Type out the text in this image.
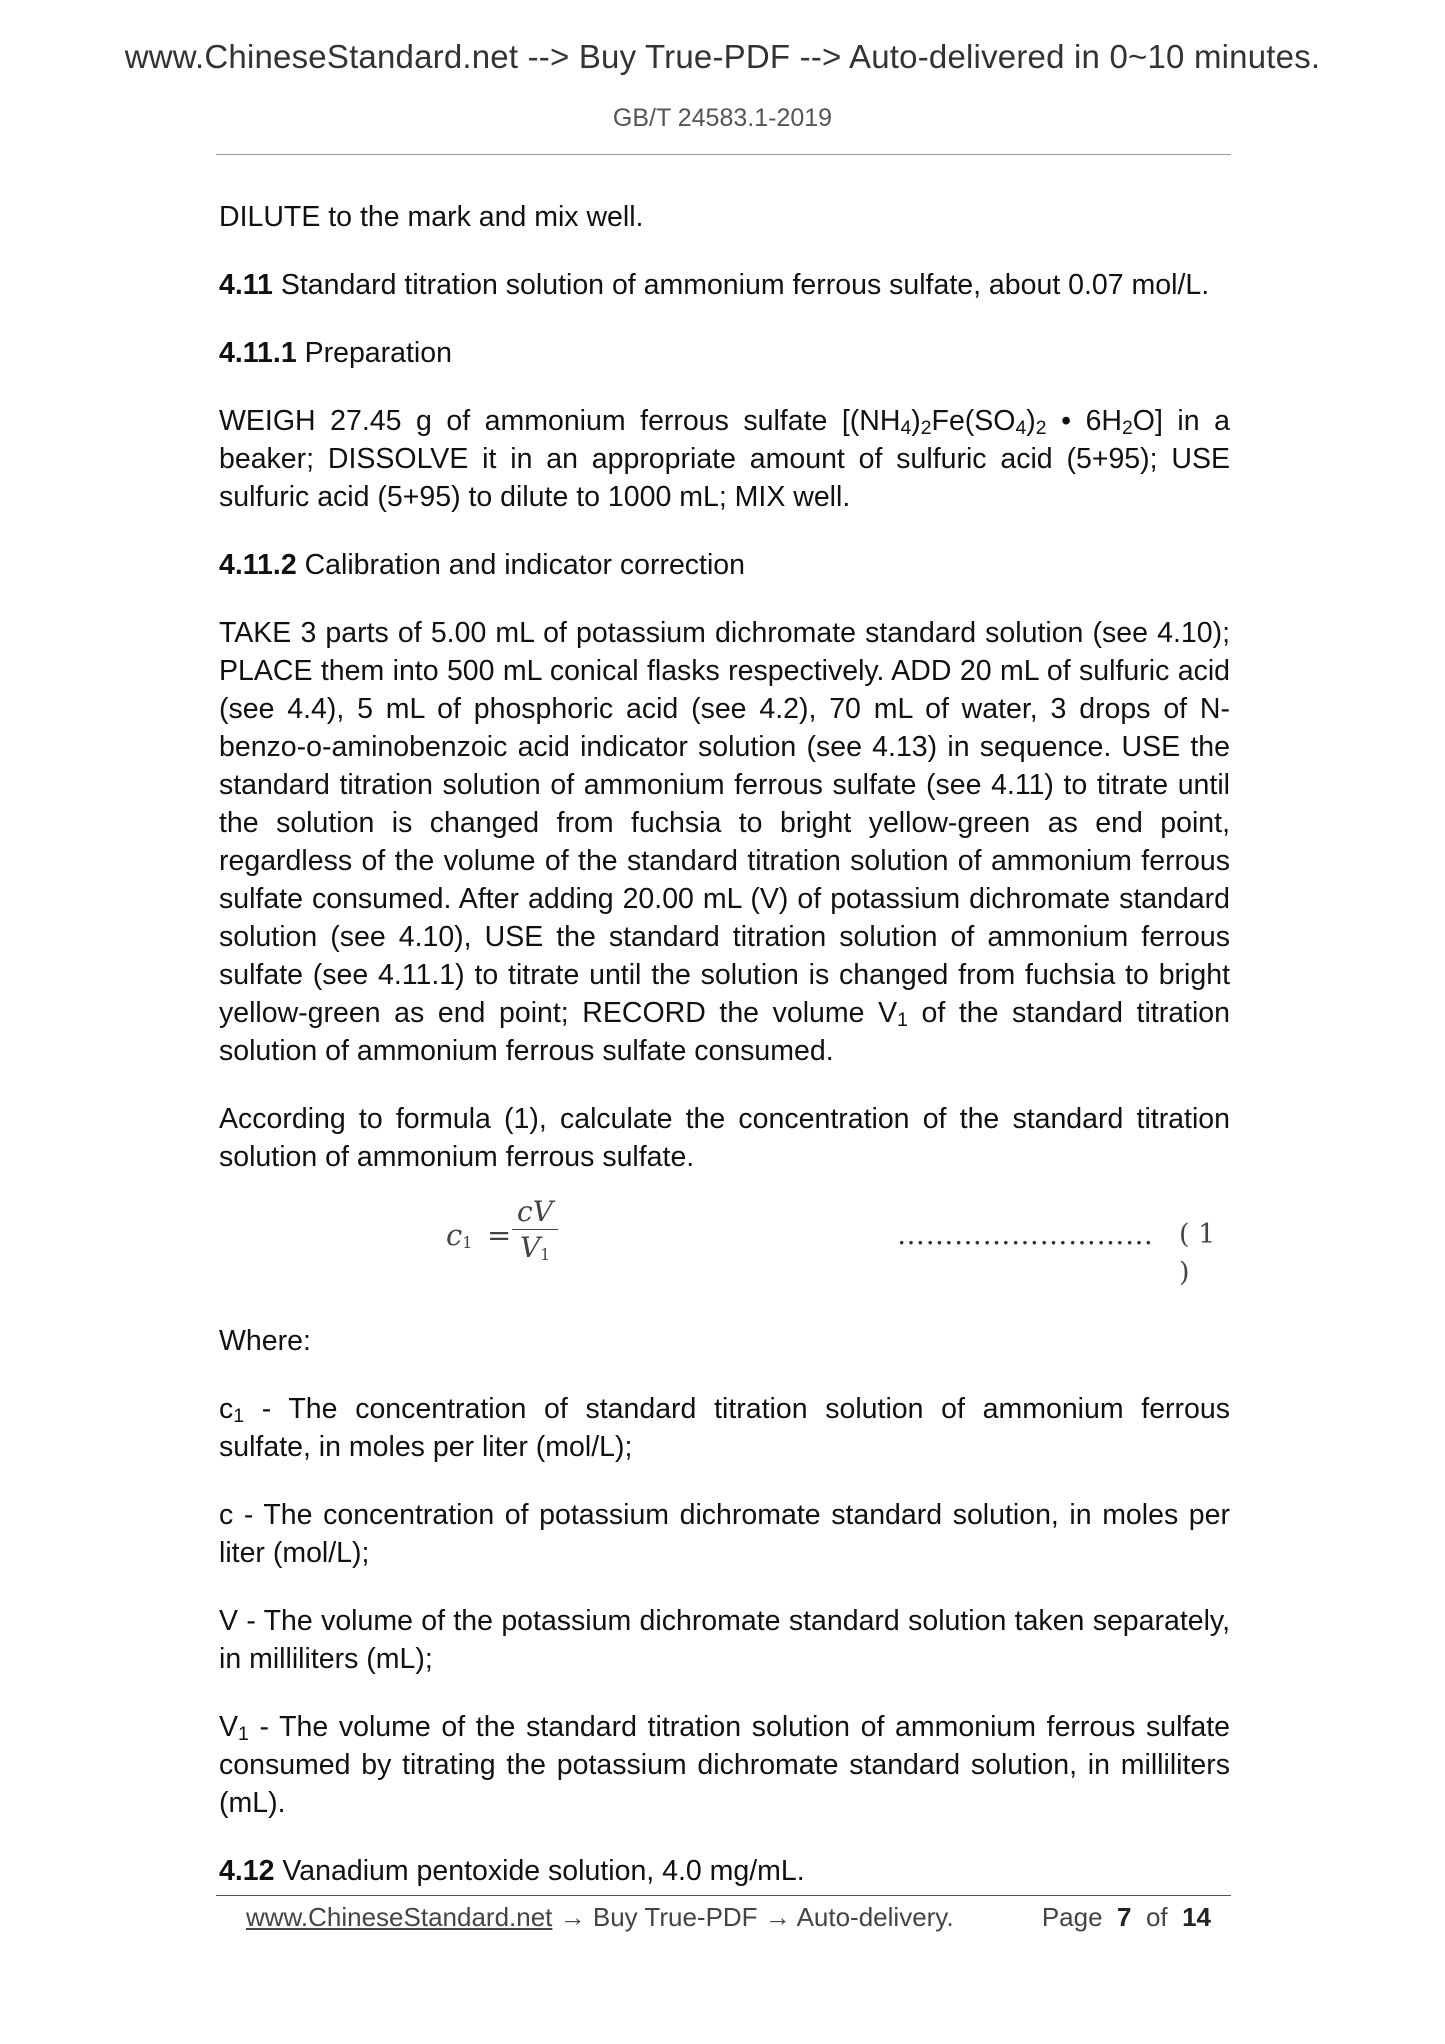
www.ChineseStandard.net --> Buy True-PDF --> Auto-delivered in 0~10 minutes.
GB/T 24583.1-2019

DILUTE to the mark and mix well.

4.11 Standard titration solution of ammonium ferrous sulfate, about 0.07 mol/L.

4.11.1 Preparation

WEIGH 27.45 g of ammonium ferrous sulfate [$(NH_4)_2Fe(SO_4)_2$ • $6H_2O$] in a beaker; DISSOLVE it in an appropriate amount of sulfuric acid (5+95); USE sulfuric acid (5+95) to dilute to 1000 mL; MIX well.

4.11.2 Calibration and indicator correction

TAKE 3 parts of 5.00 mL of potassium dichromate standard solution (see 4.10); PLACE them into 500 mL conical flasks respectively. ADD 20 mL of sulfuric acid (see 4.4), 5 mL of phosphoric acid (see 4.2), 70 mL of water, 3 drops of N-benzo-o-aminobenzoic acid indicator solution (see 4.13) in sequence. USE the standard titration solution of ammonium ferrous sulfate (see 4.11) to titrate until the solution is changed from fuchsia to bright yellow-green as end point, regardless of the volume of the standard titration solution of ammonium ferrous sulfate consumed. After adding 20.00 mL (V) of potassium dichromate standard solution (see 4.10), USE the standard titration solution of ammonium ferrous sulfate (see 4.11.1) to titrate until the solution is changed from fuchsia to bright yellow-green as end point; RECORD the volume $V_1$ of the standard titration solution of ammonium ferrous sulfate consumed.

According to formula (1), calculate the concentration of the standard titration solution of ammonium ferrous sulfate.

$c_1 = \frac{cV}{V_1}$	……………………… ( 1 )

Where:

$c_1$ - The concentration of standard titration solution of ammonium ferrous sulfate, in moles per liter (mol/L);

c - The concentration of potassium dichromate standard solution, in moles per liter (mol/L);

V - The volume of the potassium dichromate standard solution taken separately, in milliliters (mL);

$V_1$ - The volume of the standard titration solution of ammonium ferrous sulfate consumed by titrating the potassium dichromate standard solution, in milliliters (mL).

4.12 Vanadium pentoxide solution, 4.0 mg/mL.

www.ChineseStandard.net → Buy True-PDF → Auto-delivery.	Page 7 of 14
